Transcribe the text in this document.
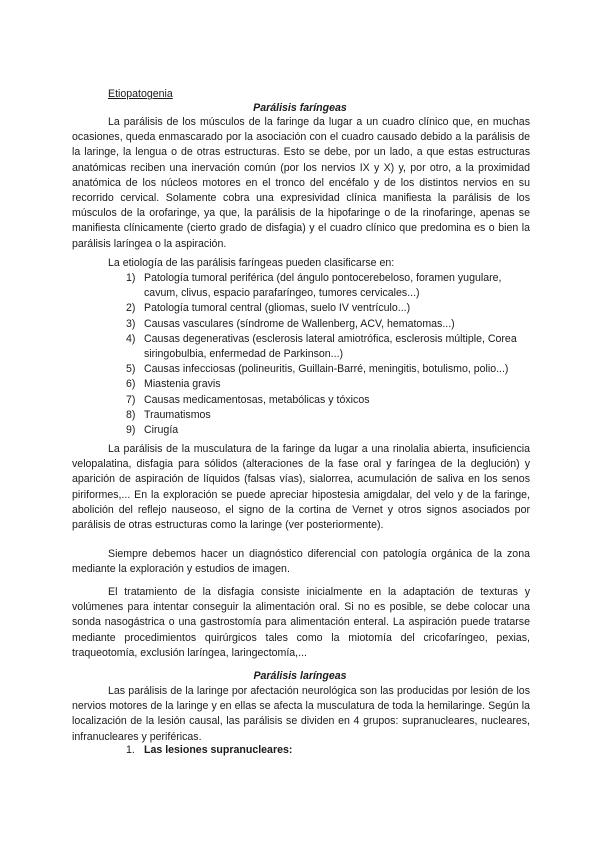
Etiopatogenia
Parálisis faríngeas

La parálisis de los músculos de la faringe da lugar a un cuadro clínico que, en muchas ocasiones, queda enmascarado por la asociación con el cuadro causado debido a la parálisis de la laringe, la lengua o de otras estructuras. Esto se debe, por un lado, a que estas estructuras anatómicas reciben una inervación común (por los nervios IX y X) y, por otro, a la proximidad anatómica de los núcleos motores en el tronco del encéfalo y de los distintos nervios en su recorrido cervical. Solamente cobra una expresividad clínica manifiesta la parálisis de los músculos de la orofaringe, ya que, la parálisis de la hipofaringe o de la rinofaringe, apenas se manifiesta clínicamente (cierto grado de disfagia) y el cuadro clínico que predomina es o bien la parálisis laríngea o la aspiración.

La etiología de las parálisis faríngeas pueden clasificarse en:
1) Patología tumoral periférica (del ángulo pontocerebeloso, foramen yugulare, cavum, clivus, espacio parafaríngeo, tumores cervicales...)
2) Patología tumoral central (gliomas, suelo IV ventrículo...)
3) Causas vasculares (síndrome de Wallenberg, ACV, hematomas...)
4) Causas degenerativas (esclerosis lateral amiotrófica, esclerosis múltiple, Corea siringobulbia, enfermedad de Parkinson...)
5) Causas infecciosas (polineuritis, Guillain-Barré, meningitis, botulismo, polio...)
6) Miastenia gravis
7) Causas medicamentosas, metabólicas y tóxicos
8) Traumatismos
9) Cirugía

La parálisis de la musculatura de la faringe da lugar a una rinolalia abierta, insuficiencia velopalatina, disfagia para sólidos (alteraciones de la fase oral y faríngea de la deglución) y aparición de aspiración de líquidos (falsas vías), sialorrea, acumulación de saliva en los senos piriformes,... En la exploración se puede apreciar hipostesia amigdalar, del velo y de la faringe, abolición del reflejo nauseoso, el signo de la cortina de Vernet y otros signos asociados por parálisis de otras estructuras como la laringe (ver posteriormente).

Siempre debemos hacer un diagnóstico diferencial con patología orgánica de la zona mediante la exploración y estudios de imagen.

El tratamiento de la disfagia consiste inicialmente en la adaptación de texturas y volúmenes para intentar conseguir la alimentación oral. Si no es posible, se debe colocar una sonda nasogástrica o una gastrostomía para alimentación enteral. La aspiración puede tratarse mediante procedimientos quirúrgicos tales como la miotomía del cricofaríngeo, pexias, traqueotomía, exclusión laríngea, laringectomía,...

Parálisis laríngeas

Las parálisis de la laringe por afectación neurológica son las producidas por lesión de los nervios motores de la laringe y en ellas se afecta la musculatura de toda la hemilaringe. Según la localización de la lesión causal, las parálisis se dividen en 4 grupos: supranucleares, nucleares, infranucleares y periféricas.

1. Las lesiones supranucleares:
